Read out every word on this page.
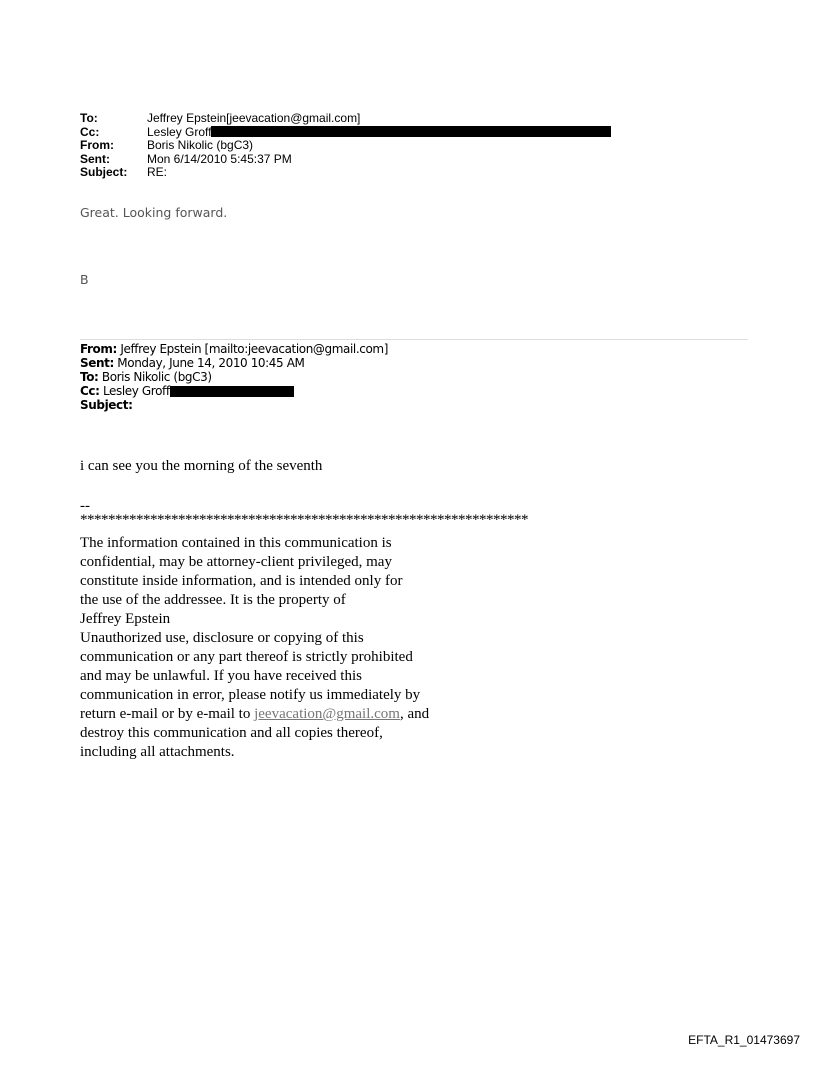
To:	Jeffrey Epstein[jeevacation@gmail.com]
Cc:	Lesley Groff
From:	Boris Nikolic (bgC3)
Sent:	Mon 6/14/2010 5:45:37 PM
Subject:	RE:
Great. Looking forward.
B
From: Jeffrey Epstein [mailto:jeevacation@gmail.com]
Sent: Monday, June 14, 2010 10:45 AM
To: Boris Nikolic (bgC3)
Cc: Lesley Groff
Subject:
i can see you the morning of the seventh
--
****************************************************************
The information contained in this communication is
confidential, may be attorney-client privileged, may
constitute inside information, and is intended only for
the use of the addressee. It is the property of
Jeffrey Epstein
Unauthorized use, disclosure or copying of this
communication or any part thereof is strictly prohibited
and may be unlawful. If you have received this
communication in error, please notify us immediately by
return e-mail or by e-mail to jeevacation@gmail.com, and
destroy this communication and all copies thereof,
including all attachments.
EFTA_R1_01473697
